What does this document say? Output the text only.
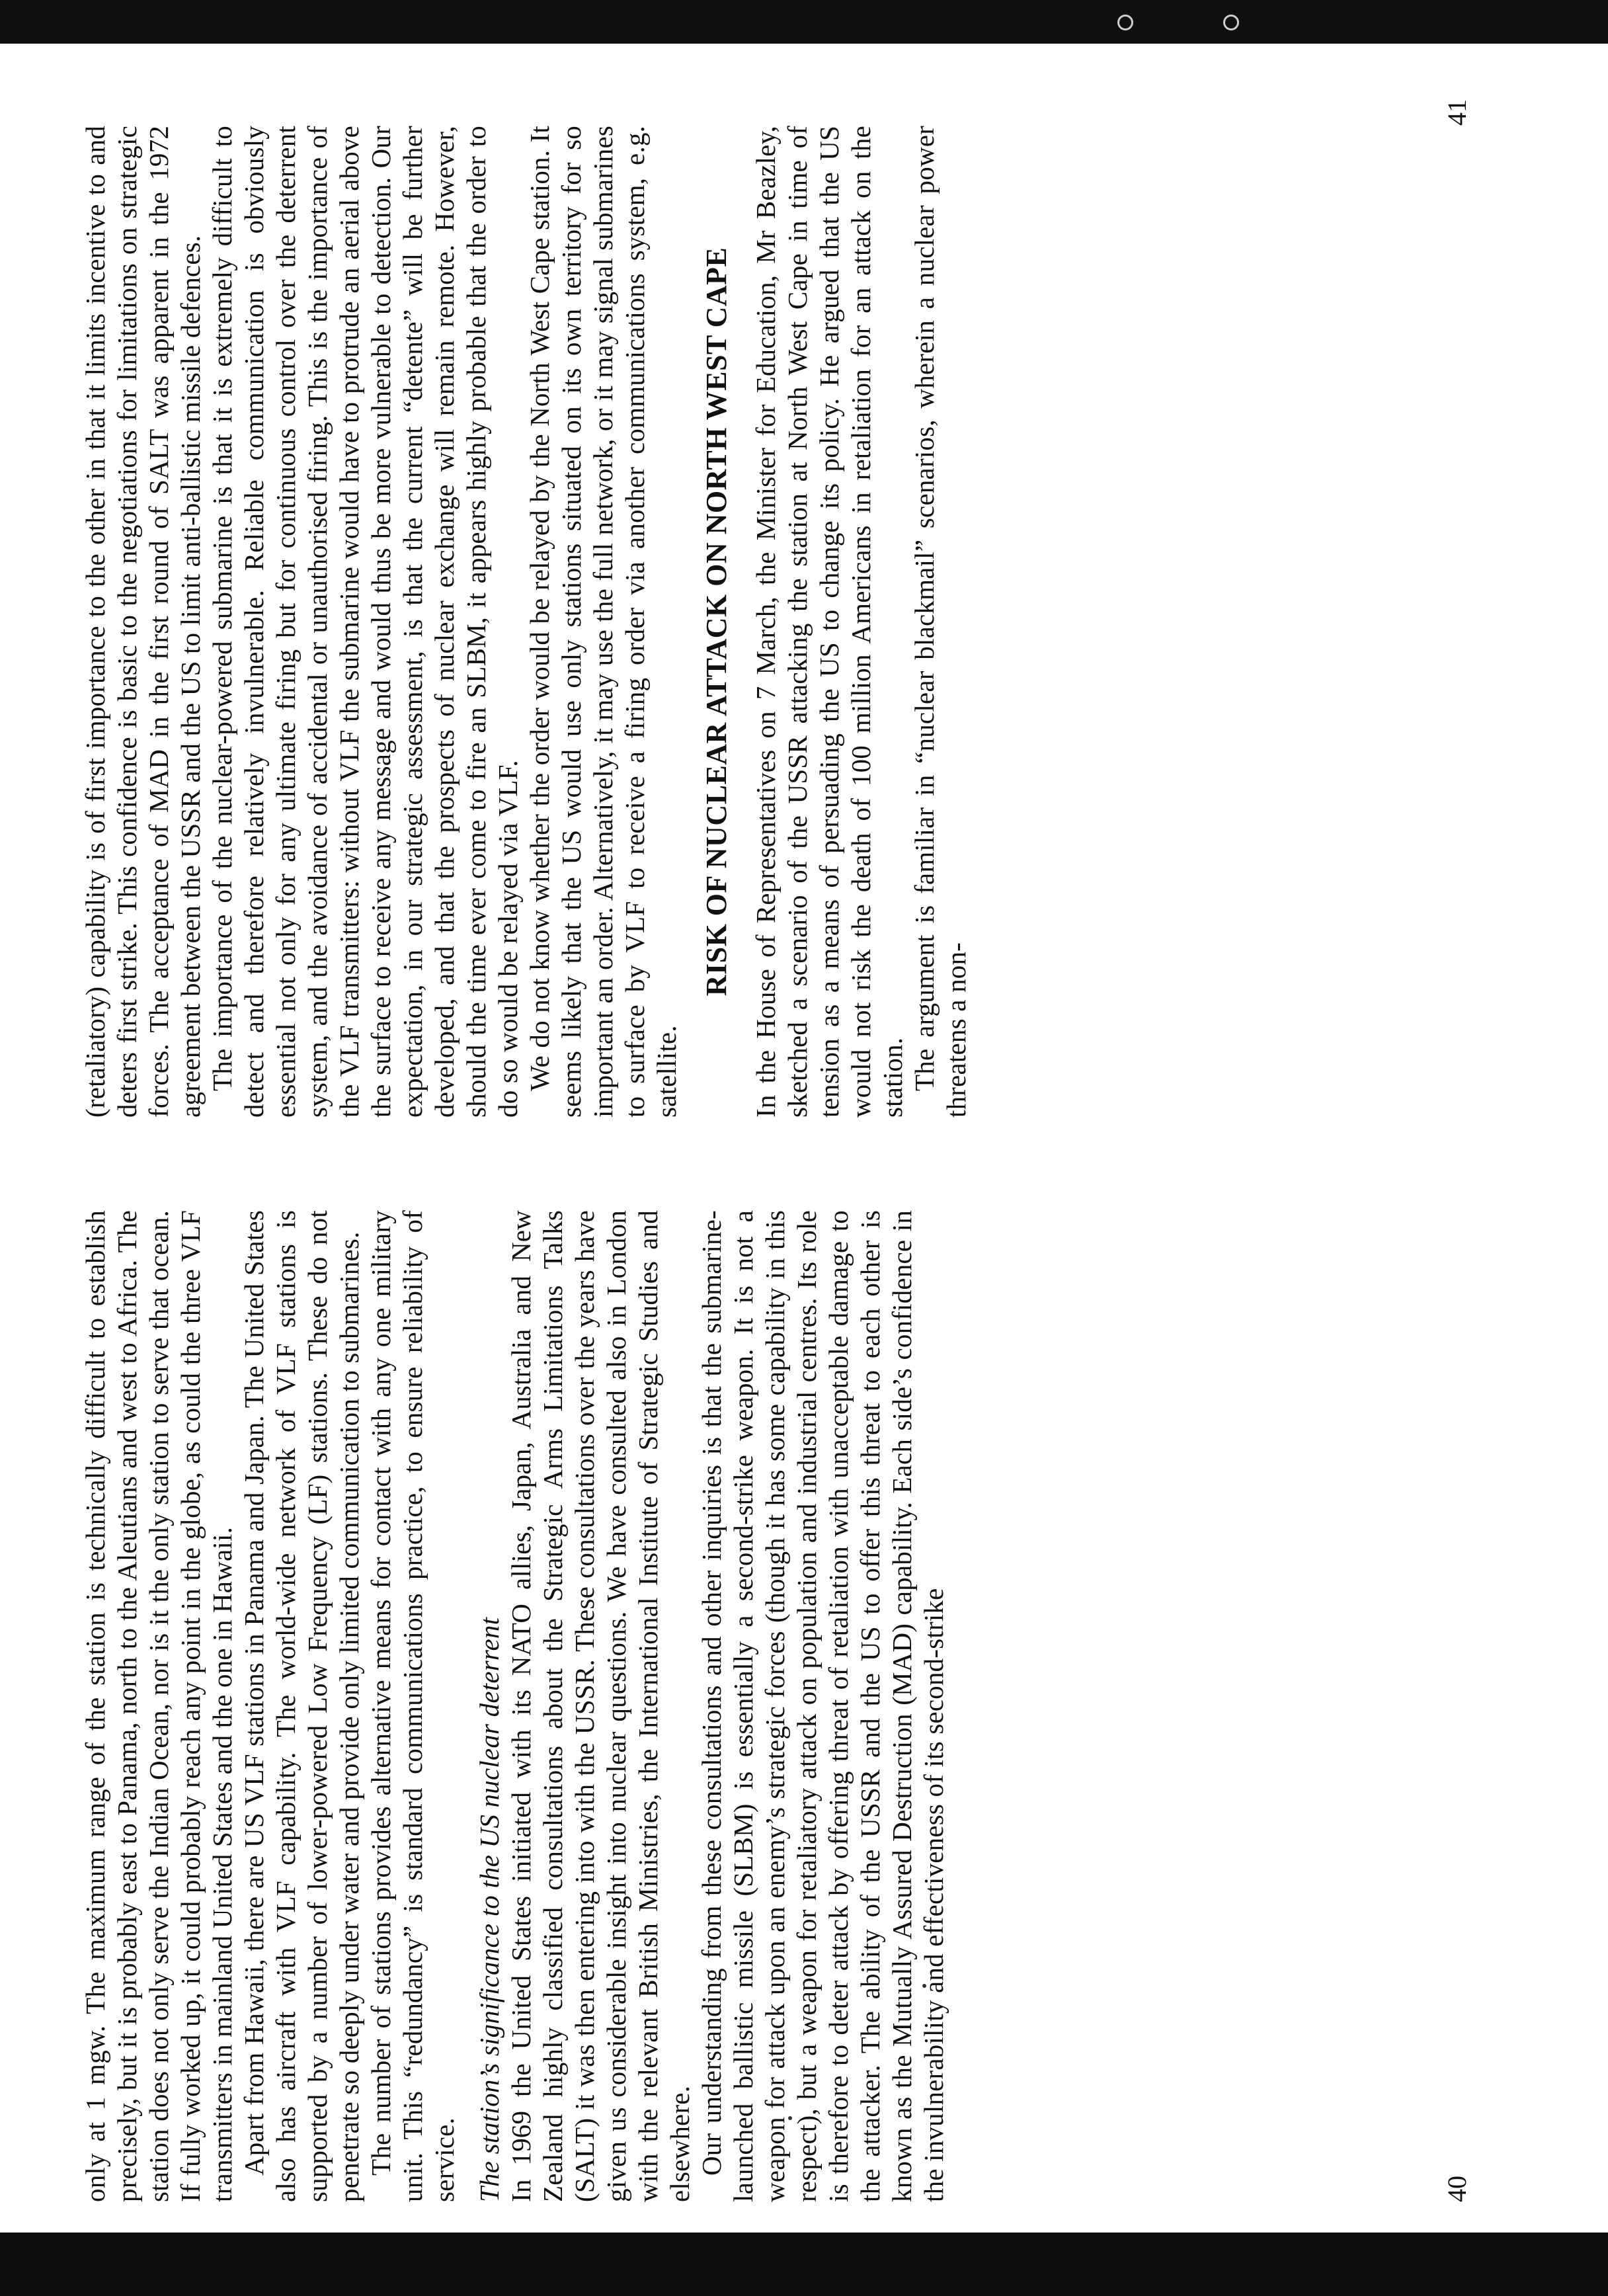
only at 1 mgw. The maximum range of the station is technically difficult to establish precisely, but it is probably east to Panama, north to the Aleutians and west to Africa. The station does not only serve the Indian Ocean, nor is it the only station to serve that ocean. If fully worked up, it could probably reach any point in the globe, as could the three VLF transmitters in mainland United States and the one in Hawaii. Apart from Hawaii, there are US VLF stations in Panama and Japan. The United States also has aircraft with VLF capability. The world-wide network of VLF stations is supported by a number of lower-powered Low Frequency (LF) stations. These do not penetrate so deeply under water and provide only limited communication to submarines. The number of stations provides alternative means for contact with any one military unit. This “redundancy” is standard communications practice, to ensure reliability of service. The station’s significance to the US nuclear deterrent In 1969 the United States initiated with its NATO allies, Japan, Australia and New Zealand highly classified consultations about the Strategic Arms Limitations Talks (SALT) it was then entering into with the USSR. These consultations over the years have given us considerable insight into nuclear questions. We have consulted also in London with the relevant British Ministries, the International Institute of Strategic Studies and elsewhere. Our understanding from these consultations and other inquiries is that the submarine-launched ballistic missile (SLBM) is essentially a second-strike weapon. It is not a weapon for attack upon an enemy’s strategic forces (though it has some capability in this respect), but a weapon for retaliatory attack on population and industrial centres. Its role is therefore to deter attack by offering threat of retaliation with unacceptable damage to the attacker. The ability of the USSR and the US to offer this threat to each other is known as the Mutually Assured Destruction (MAD) capability. Each side’s confidence in the invulnerability and effectiveness of its second-strike	40

(retaliatory) capability is of first importance to the other in that it limits incentive to and deters first strike. This confidence is basic to the negotiations for limitations on strategic forces. The acceptance of MAD in the first round of SALT was apparent in the 1972 agreement between the USSR and the US to limit anti-ballistic missile defences. The importance of the nuclear-powered submarine is that it is extremely difficult to detect and therefore relatively invulnerable. Reliable communication is obviously essential not only for any ultimate firing but for continuous control over the deterrent system, and the avoidance of accidental or unauthorised firing. This is the importance of the VLF transmitters: without VLF the submarine would have to protrude an aerial above the surface to receive any message and would thus be more vulnerable to detection. Our expectation, in our strategic assessment, is that the current “detente” will be further developed, and that the prospects of nuclear exchange will remain remote. However, should the time ever come to fire an SLBM, it appears highly probable that the order to do so would be relayed via VLF. We do not know whether the order would be relayed by the North West Cape station. It seems likely that the US would use only stations situated on its own territory for so important an order. Alternatively, it may use the full network, or it may signal submarines to surface by VLF to receive a firing order via another communications system, e.g. satellite.

RISK OF NUCLEAR ATTACK ON NORTH WEST CAPE In the House of Representatives on 7 March, the Minister for Education, Mr Beazley, sketched a scenario of the USSR attacking the station at North West Cape in time of tension as a means of persuading the US to change its policy. He argued that the US would not risk the death of 100 million Americans in retaliation for an attack on the station. The argument is familiar in “nuclear blackmail” scenarios, wherein a nuclear power threatens a non-

41
